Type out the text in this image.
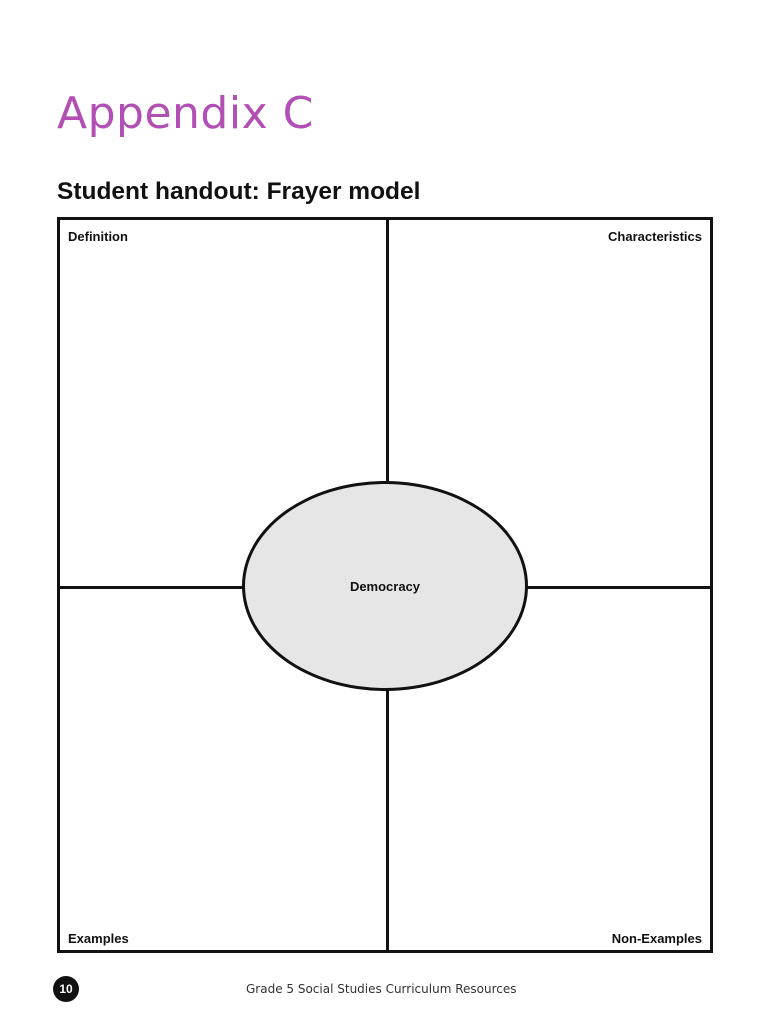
Appendix C
Student handout: Frayer model
Definition	Characteristics
Examples	Non-Examples
Democracy
10	Grade 5 Social Studies Curriculum Resources
